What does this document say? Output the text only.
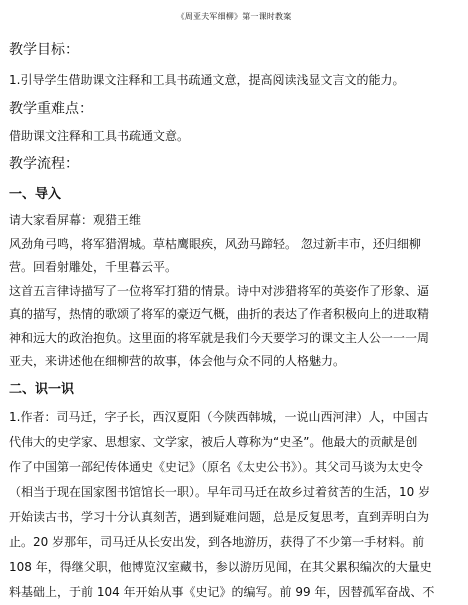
《周亚夫军细柳》第一课时教案
教学目标：
1.引导学生借助课文注释和工具书疏通文意，提高阅读浅显文言文的能力。
教学重难点：
借助课文注释和工具书疏通文意。
教学流程：
一、导入
请大家看屏幕：观猎王维
风劲角弓鸣，将军猎渭城。草枯鹰眼疾，风劲马蹄轻。 忽过新丰市，还归细柳
营。回看射雕处，千里暮云平。
这首五言律诗描写了一位将军打猎的情景。诗中对涉猎将军的英姿作了形象、逼
真的描写，热情的歌颂了将军的豪迈气概，曲折的表达了作者积极向上的进取精
神和远大的政治抱负。这里面的将军就是我们今天要学习的课文主人公一一一周
亚夫，来讲述他在细柳营的故事，体会他与众不同的人格魅力。
二、识一识
1.作者：司马迁，字子长，西汉夏阳（今陕西韩城，一说山西河津）人，中国古
代伟大的史学家、思想家、文学家，被后人尊称为“史圣”。他最大的贡献是创
作了中国第一部纪传体通史《史记》（原名《太史公书》）。其父司马谈为太史令
（相当于现在国家图书馆馆长一职）。早年司马迁在故乡过着贫苦的生活，10 岁
开始读古书，学习十分认真刻苦，遇到疑难问题，总是反复思考，直到弄明白为
止。20 岁那年，司马迁从长安出发，到各地游历，获得了不少第一手材料。前
108 年，得继父职，他博览汉室藏书，参以游历见闻，在其父累积编次的大量史
料基础上，于前 104 年开始从事《史记》的编写。前 99 年，因替孤军奋战、不
